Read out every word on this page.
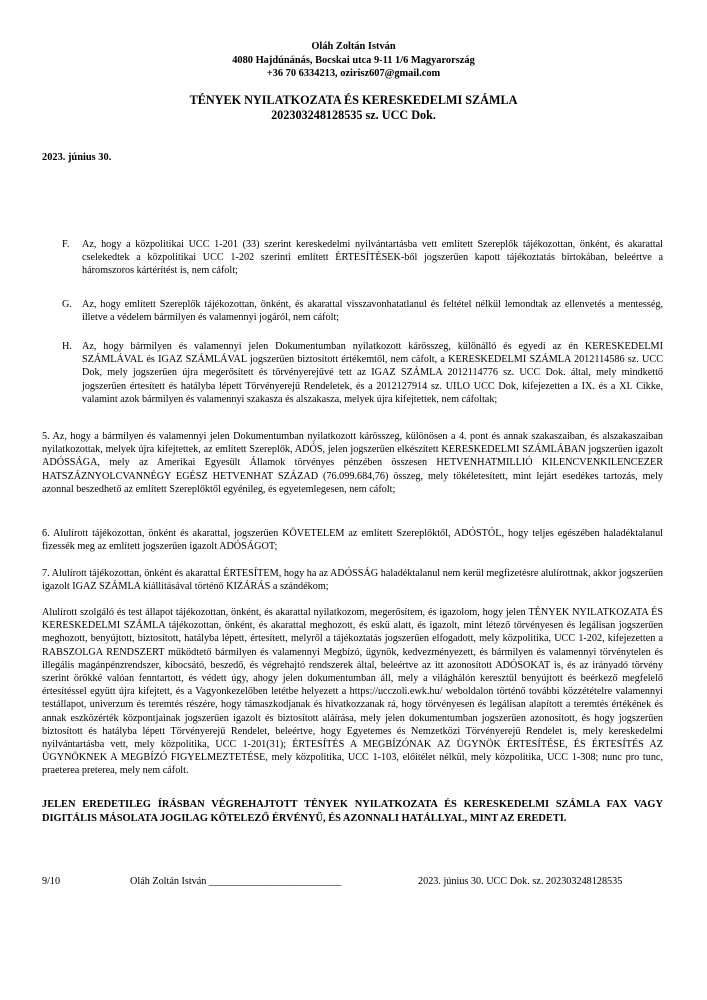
Oláh Zoltán István
4080 Hajdúnánás, Bocskai utca 9-11 1/6 Magyarország
+36 70 6334213, ozirisz607@gmail.com
TÉNYEK NYILATKOZATA ÉS KERESKEDELMI SZÁMLA
202303248128535 sz. UCC Dok.
2023. június 30.
F. Az, hogy a közpolitikai UCC 1-201 (33) szerint kereskedelmi nyilvántartásba vett említett Szereplők tájékozottan, önként, és akarattal cselekedtek a közpolitikai UCC 1-202 szerinti említett ÉRTESÍTÉSEK-ből jogszerűen kapott tájékoztatás birtokában, beleértve a háromszoros kártérítést is, nem cáfolt;
G. Az, hogy említett Szereplők tájékozottan, önként, és akarattal visszavonhatatlanul és feltétel nélkül lemondtak az ellenvetés a mentesség, illetve a védelem bármilyen és valamennyi jogáról, nem cáfolt;
H. Az, hogy bármilyen és valamennyi jelen Dokumentumban nyilatkozott kárösszeg, különálló és egyedi az én KERESKEDELMI SZÁMLÁVAL és IGAZ SZÁMLÁVAL jogszerűen biztosított értékemtől, nem cáfolt, a KERESKEDELMI SZÁMLA 2012114586 sz. UCC Dok, mely jogszerűen újra megerősített és törvényerejűvé tett az IGAZ SZÁMLA 2012114776 sz. UCC Dok. által, mely mindkettő jogszerűen értesített és hatályba lépett Törvényerejű Rendeletek, és a 2012127914 sz. UILO UCC Dok, kifejezetten a IX. és a XI. Cikke, valamint azok bármilyen és valamennyi szakasza és alszakasza, melyek újra kifejtettek, nem cáfoltak;
5. Az, hogy a bármilyen és valamennyi jelen Dokumentumban nyilatkozott kárösszeg, különösen a 4. pont és annak szakaszaiban, és alszakaszaiban nyilatkozottak, melyek újra kifejtettek, az említett Szereplők, ADÓS, jelen jogszerűen elkészített KERESKEDELMI SZÁMLÁBAN jogszerűen igazolt ADÓSSÁGA, mely az Amerikai Egyesült Államok törvényes pénzében összesen HETVENHATMILLIÓ KILENCVENKILENCEZER HATSZÁZNYOLCVANNÉGY EGÉSZ HETVENHAT SZÁZAD (76.099.684,76) összeg, mely tökéletesített, mint lejárt esedékes tartozás, mely azonnal beszedhető az említett Szereplőktől egyénileg, és egyetemlegesen, nem cáfolt;
6. Alulírott tájékozottan, önként és akarattal, jogszerűen KÖVETELEM az említett Szereplőktől, ADÓSTÓL, hogy teljes egészében haladéktalanul fizessék meg az említett jogszerűen igazolt ADÓSÁGOT;
7. Alulírott tájékozottan, önként és akarattal ÉRTESÍTEM, hogy ha az ADÓSSÁG haladéktalanul nem kerül megfizetésre alulírottnak, akkor jogszerűen igazolt IGAZ SZÁMLA kiállításával történő KIZÁRÁS a szándékom;
Alulírott szolgáló és test állapot tájékozottan, önként, és akarattal nyilatkozom, megerősítem, és igazolom, hogy jelen TÉNYEK NYILATKOZATA ÉS KERESKEDELMI SZÁMLA tájékozottan, önként, és akarattal meghozott, és eskü alatt, és igazolt, mint létező törvényesen és legálisan jogszerűen meghozott, benyújtott, biztosított, hatályba lépett, értesített, melyről a tájékoztatás jogszerűen elfogadott, mely közpolitika, UCC 1-202, kifejezetten a RABSZOLGA RENDSZERT működtető bármilyen és valamennyi Megbízó, ügynök, kedvezményezett, és bármilyen és valamennyi törvénytelen és illegális magánpénzrendszer, kibocsátó, beszedő, és végrehajtó rendszerek által, beleértve az itt azonosított ADÓSOKAT is, és az irányadó törvény szerint örökké valóan fenntartott, és védett úgy, ahogy jelen dokumentumban áll, mely a világhálón keresztül benyújtott és beérkező megfelelő értesítéssel együtt újra kifejtett, és a Vagyonkezelőben letétbe helyezett a https://ucczoli.ewk.hu/ weboldalon történő további közzétételre valamennyi testállapot, univerzum és teremtés részére, hogy támaszkodjanak és hivatkozzanak rá, hogy törvényesen és legálisan alapított a teremtés értékének és annak eszközérték központjainak jogszerűen igazolt és biztosított aláírása, mely jelen dokumentumban jogszerűen azonosított, és hogy jogszerűen biztosított és hatályba lépett Törvényerejű Rendelet, beleértve, hogy Egyetemes és Nemzetközi Törvényerejű Rendelet is, mely kereskedelmi nyilvántartásba vett, mely közpolitika, UCC 1-201(31); ÉRTESÍTÉS A MEGBÍZÓNAK AZ ÜGYNÖK ÉRTESÍTÉSE, ÉS ÉRTESÍTÉS AZ ÜGYNÖKNEK A MEGBÍZÓ FIGYELMEZTETÉSE, mely közpolitika, UCC 1-103, előítélet nélkül, mely közpolitika, UCC 1-308; nunc pro tunc, praeterea preterea, mely nem cáfolt.
JELEN EREDETILEG ÍRÁSBAN VÉGREHAJTOTT TÉNYEK NYILATKOZATA ÉS KERESKEDELMI SZÁMLA FAX VAGY DIGITÁLIS MÁSOLATA JOGILAG KÖTELEZŐ ÉRVÉNYŰ, ÉS AZONNALI HATÁLLYAL, MINT AZ EREDETI.
9/10	Oláh Zoltán István __________________________	2023. június 30. UCC Dok. sz. 202303248128535
